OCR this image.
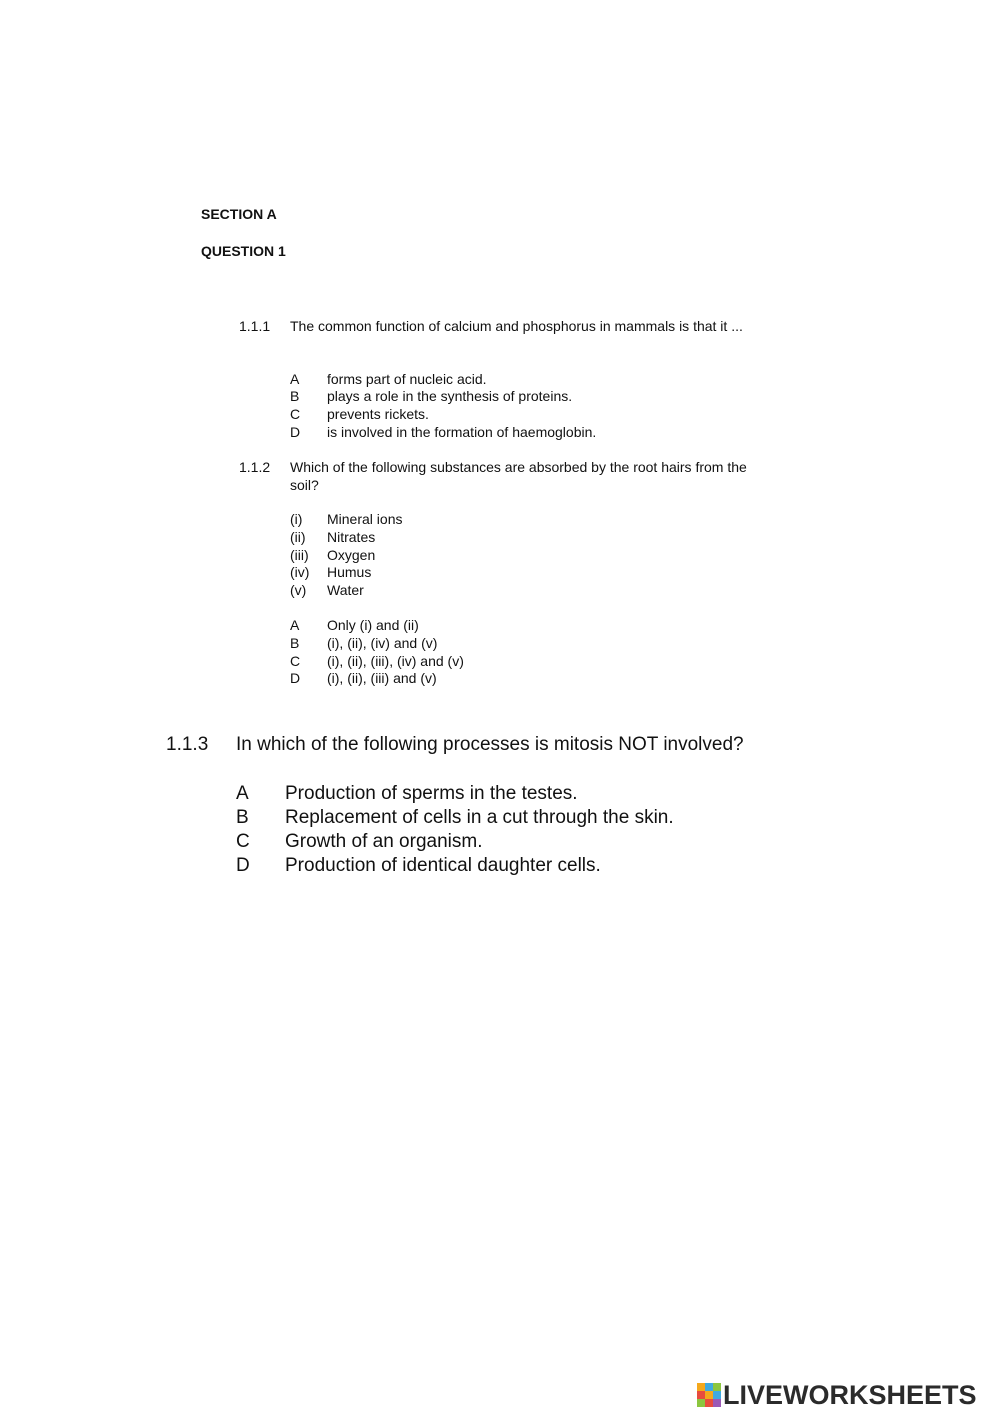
SECTION A
QUESTION 1
1.1.1 The common function of calcium and phosphorus in mammals is that it ...
A forms part of nucleic acid.
B plays a role in the synthesis of proteins.
C prevents rickets.
D is involved in the formation of haemoglobin.
1.1.2 Which of the following substances are absorbed by the root hairs from the soil?
(i) Mineral ions
(ii) Nitrates
(iii) Oxygen
(iv) Humus
(v) Water
A Only (i) and (ii)
B (i), (ii), (iv) and (v)
C (i), (ii), (iii), (iv) and (v)
D (i), (ii), (iii) and (v)
1.1.3 In which of the following processes is mitosis NOT involved?
A Production of sperms in the testes.
B Replacement of cells in a cut through the skin.
C Growth of an organism.
D Production of identical daughter cells.
LIVEWORKSHEETS
